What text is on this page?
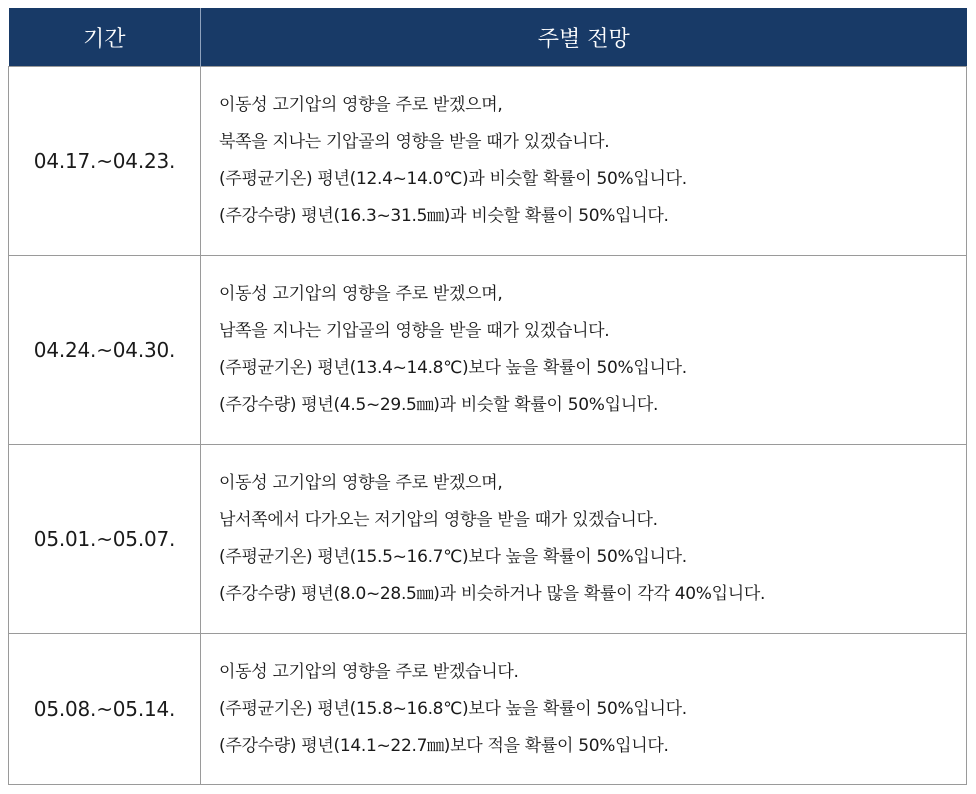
기간	주별 전망
04.17.~04.23.	이동성 고기압의 영향을 주로 받겠으며,
북쪽을 지나는 기압골의 영향을 받을 때가 있겠습니다.
(주평균기온) 평년(12.4~14.0℃)과 비슷할 확률이 50%입니다.
(주강수량) 평년(16.3~31.5㎜)과 비슷할 확률이 50%입니다.

04.24.~04.30.	이동성 고기압의 영향을 주로 받겠으며,
남쪽을 지나는 기압골의 영향을 받을 때가 있겠습니다.
(주평균기온) 평년(13.4~14.8℃)보다 높을 확률이 50%입니다.
(주강수량) 평년(4.5~29.5㎜)과 비슷할 확률이 50%입니다.

05.01.~05.07.	이동성 고기압의 영향을 주로 받겠으며,
남서쪽에서 다가오는 저기압의 영향을 받을 때가 있겠습니다.
(주평균기온) 평년(15.5~16.7℃)보다 높을 확률이 50%입니다.
(주강수량) 평년(8.0~28.5㎜)과 비슷하거나 많을 확률이 각각 40%입니다.

05.08.~05.14.	이동성 고기압의 영향을 주로 받겠습니다.
(주평균기온) 평년(15.8~16.8℃)보다 높을 확률이 50%입니다.
(주강수량) 평년(14.1~22.7㎜)보다 적을 확률이 50%입니다.
